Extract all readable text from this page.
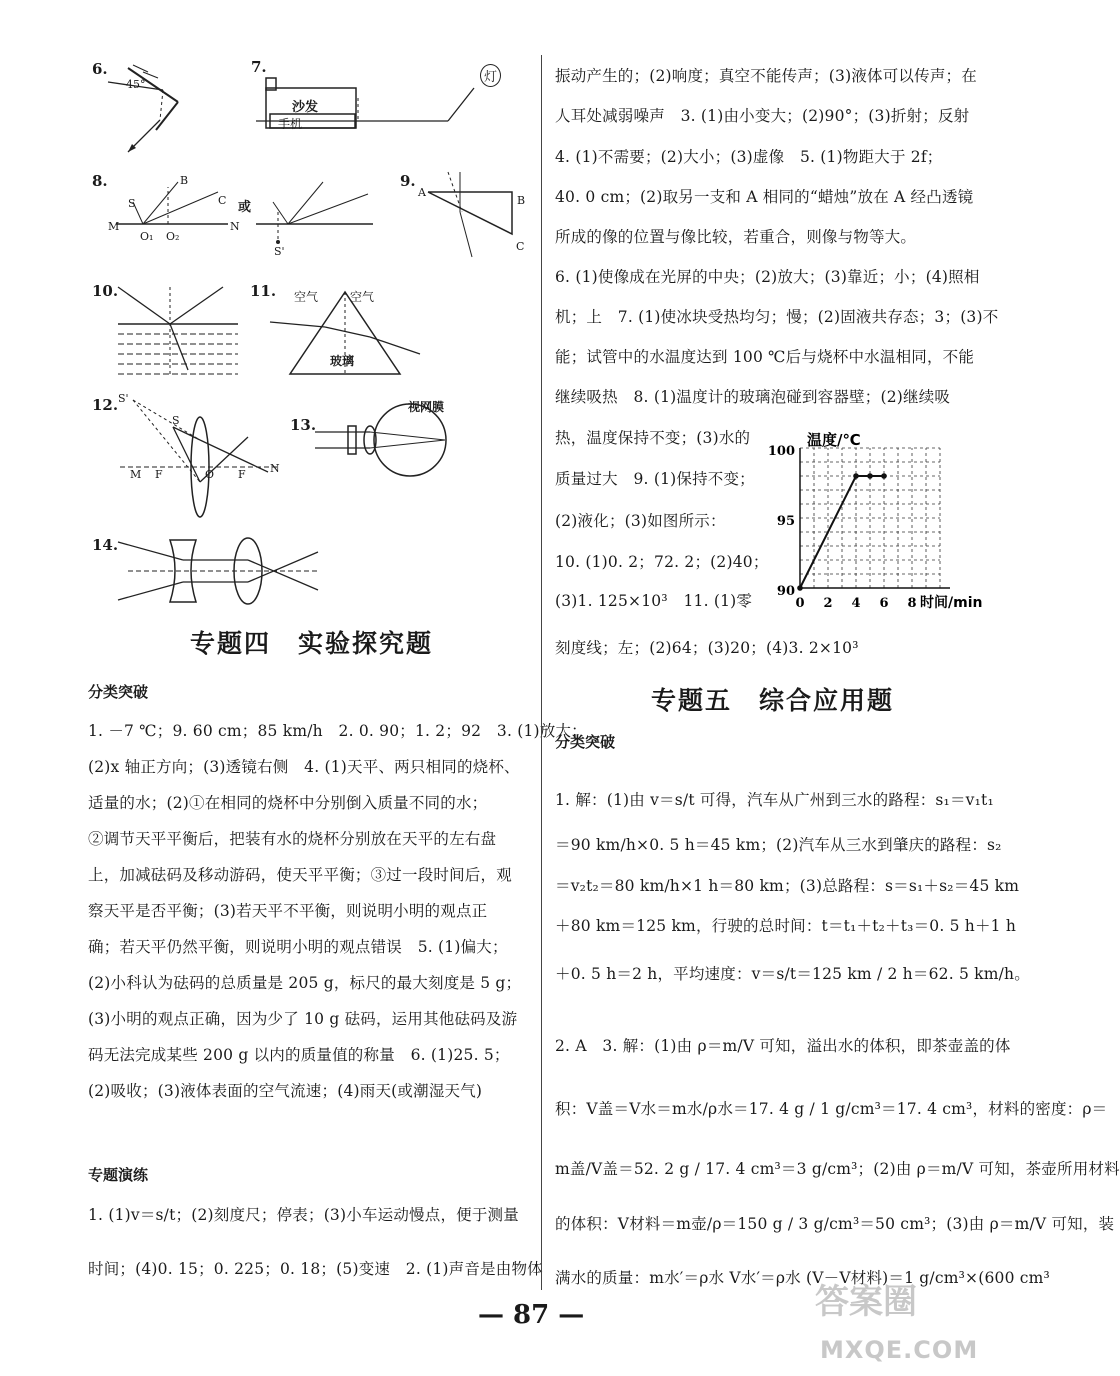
6.
45°
7.
沙发
手机
灯
8.
S
B
C
M
O₁ O₂
N
或
S'
9.
A
B
C
10.	11. 空气	空气
玻璃
12. S'
S
M F	O F N
13.
视网膜
14.
专题四　实验探究题
分类突破
1. －7 ℃；9. 60 cm；85 km/h　2. 0. 90；1. 2；92　3. (1)放大；
(2)x 轴正方向；(3)透镜右侧　4. (1)天平、两只相同的烧杯、
适量的水；(2)①在相同的烧杯中分别倒入质量不同的水；
②调节天平平衡后，把装有水的烧杯分别放在天平的左右盘
上，加减砝码及移动游码，使天平平衡；③过一段时间后，观
察天平是否平衡；(3)若天平不平衡，则说明小明的观点正
确；若天平仍然平衡，则说明小明的观点错误　5. (1)偏大；
(2)小科认为砝码的总质量是 205 g，标尺的最大刻度是 5 g；
(3)小明的观点正确，因为少了 10 g 砝码，运用其他砝码及游
码无法完成某些 200 g 以内的质量值的称量　6. (1)25. 5；
(2)吸收；(3)液体表面的空气流速；(4)雨天(或潮湿天气)
专题演练
1. (1)v＝s/t；(2)刻度尺；停表；(3)小车运动慢点，便于测量
时间；(4)0. 15；0. 225；0. 18；(5)变速　2. (1)声音是由物体
振动产生的；(2)响度；真空不能传声；(3)液体可以传声；在
人耳处减弱噪声　3. (1)由小变大；(2)90°；(3)折射；反射
4. (1)不需要；(2)大小；(3)虚像　5. (1)物距大于 2f；
40. 0 cm；(2)取另一支和 A 相同的“蜡烛”放在 A 经凸透镜
所成的像的位置与像比较，若重合，则像与物等大。
6. (1)使像成在光屏的中央；(2)放大；(3)靠近；小；(4)照相
机；上　7. (1)使冰块受热均匀；慢；(2)固液共存态；3；(3)不
能；试管中的水温度达到 100 ℃后与烧杯中水温相同，不能
继续吸热　8. (1)温度计的玻璃泡碰到容器壁；(2)继续吸
热，温度保持不变；(3)水的
质量过大　9. (1)保持不变；
(2)液化；(3)如图所示：
10. (1)0. 2；72. 2；(2)40；
(3)1. 125×10³　11. (1)零
温度/℃
90
95
100
0 2 4 6 8 时间/min
刻度线；左；(2)64；(3)20；(4)3. 2×10³
专题五　综合应用题
分类突破
1. 解：(1)由 v＝s/t 可得，汽车从广州到三水的路程：s₁＝v₁t₁
＝90 km/h×0. 5 h＝45 km；(2)汽车从三水到肇庆的路程：s₂
＝v₂t₂＝80 km/h×1 h＝80 km；(3)总路程：s＝s₁＋s₂＝45 km
＋80 km＝125 km，行驶的总时间：t＝t₁＋t₂＋t₃＝0. 5 h＋1 h
＋0. 5 h＝2 h，平均速度：v＝s/t＝125 km / 2 h＝62. 5 km/h。
2. A　3. 解：(1)由 ρ＝m/V 可知，溢出水的体积，即茶壶盖的体
积：V盖＝V水＝m水/ρ水＝17. 4 g / 1 g/cm³＝17. 4 cm³，材料的密度：ρ＝
m盖/V盖＝52. 2 g / 17. 4 cm³＝3 g/cm³；(2)由 ρ＝m/V 可知，茶壶所用材料
的体积：V材料＝m壶/ρ＝150 g / 3 g/cm³＝50 cm³；(3)由 ρ＝m/V 可知，装
满水的质量：m水′＝ρ水 V水′＝ρ水 (V－V材料)＝1 g/cm³×(600 cm³
— 87 —	答案圈
MXQE.COM
